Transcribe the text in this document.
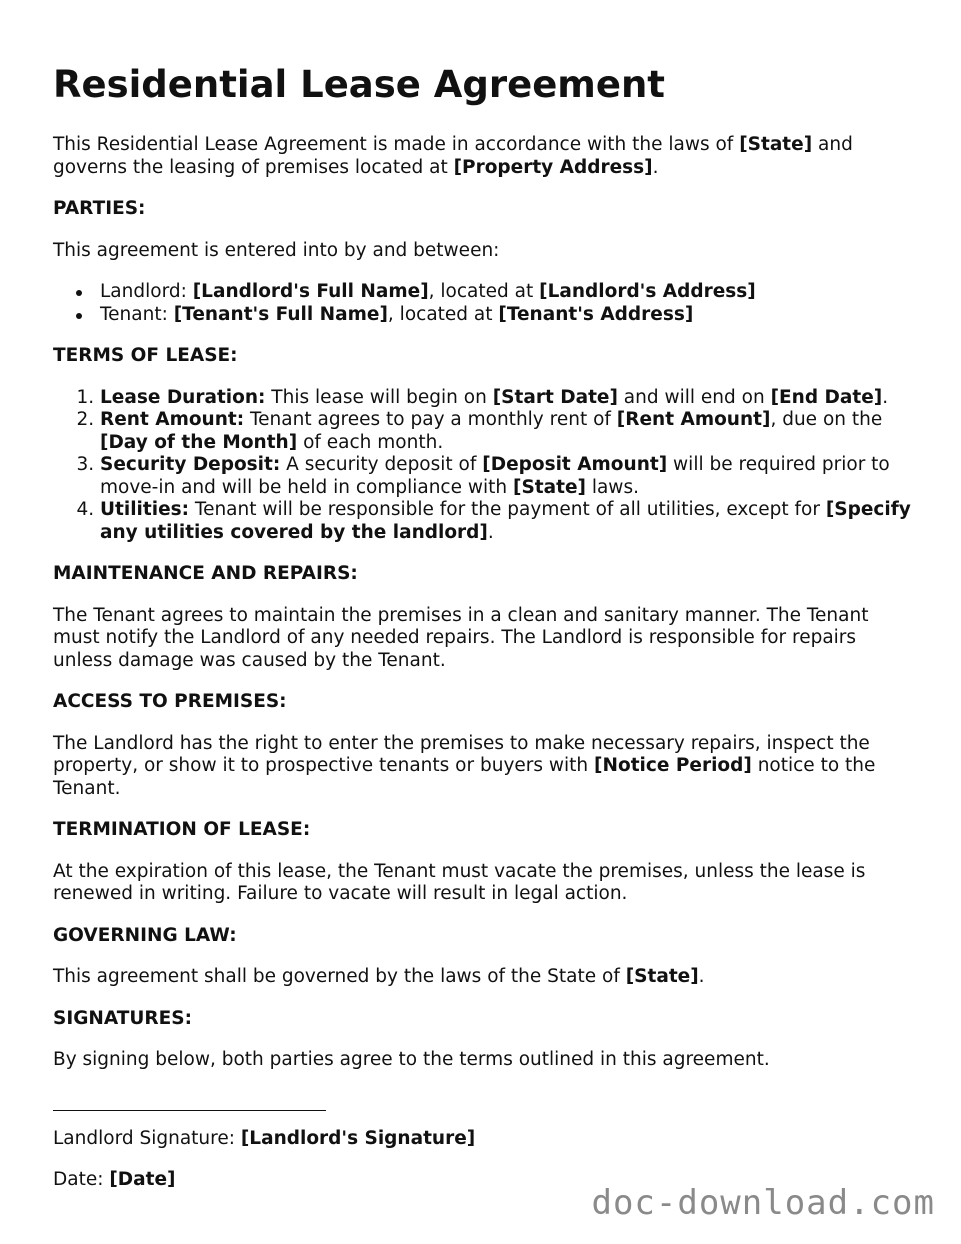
Residential Lease Agreement

This Residential Lease Agreement is made in accordance with the laws of [State] and governs the leasing of premises located at [Property Address].

PARTIES:

This agreement is entered into by and between:

Landlord: [Landlord's Full Name], located at [Landlord's Address]
Tenant: [Tenant's Full Name], located at [Tenant's Address]
TERMS OF LEASE:
1. Lease Duration: This lease will begin on [Start Date] and will end on [End Date].
2. Rent Amount: Tenant agrees to pay a monthly rent of [Rent Amount], due on the [Day of the Month] of each month.
3. Security Deposit: A security deposit of [Deposit Amount] will be required prior to move-in and will be held in compliance with [State] laws.
4. Utilities: Tenant will be responsible for the payment of all utilities, except for [Specify any utilities covered by the landlord].
MAINTENANCE AND REPAIRS:

The Tenant agrees to maintain the premises in a clean and sanitary manner. The Tenant must notify the Landlord of any needed repairs. The Landlord is responsible for repairs unless damage was caused by the Tenant.

ACCESS TO PREMISES:

The Landlord has the right to enter the premises to make necessary repairs, inspect the property, or show it to prospective tenants or buyers with [Notice Period] notice to the Tenant.

TERMINATION OF LEASE:

At the expiration of this lease, the Tenant must vacate the premises, unless the lease is renewed in writing. Failure to vacate will result in legal action.

GOVERNING LAW:

This agreement shall be governed by the laws of the State of [State].

SIGNATURES:

By signing below, both parties agree to the terms outlined in this agreement.

Landlord Signature: [Landlord's Signature]

Date: [Date]

doc-download.com
